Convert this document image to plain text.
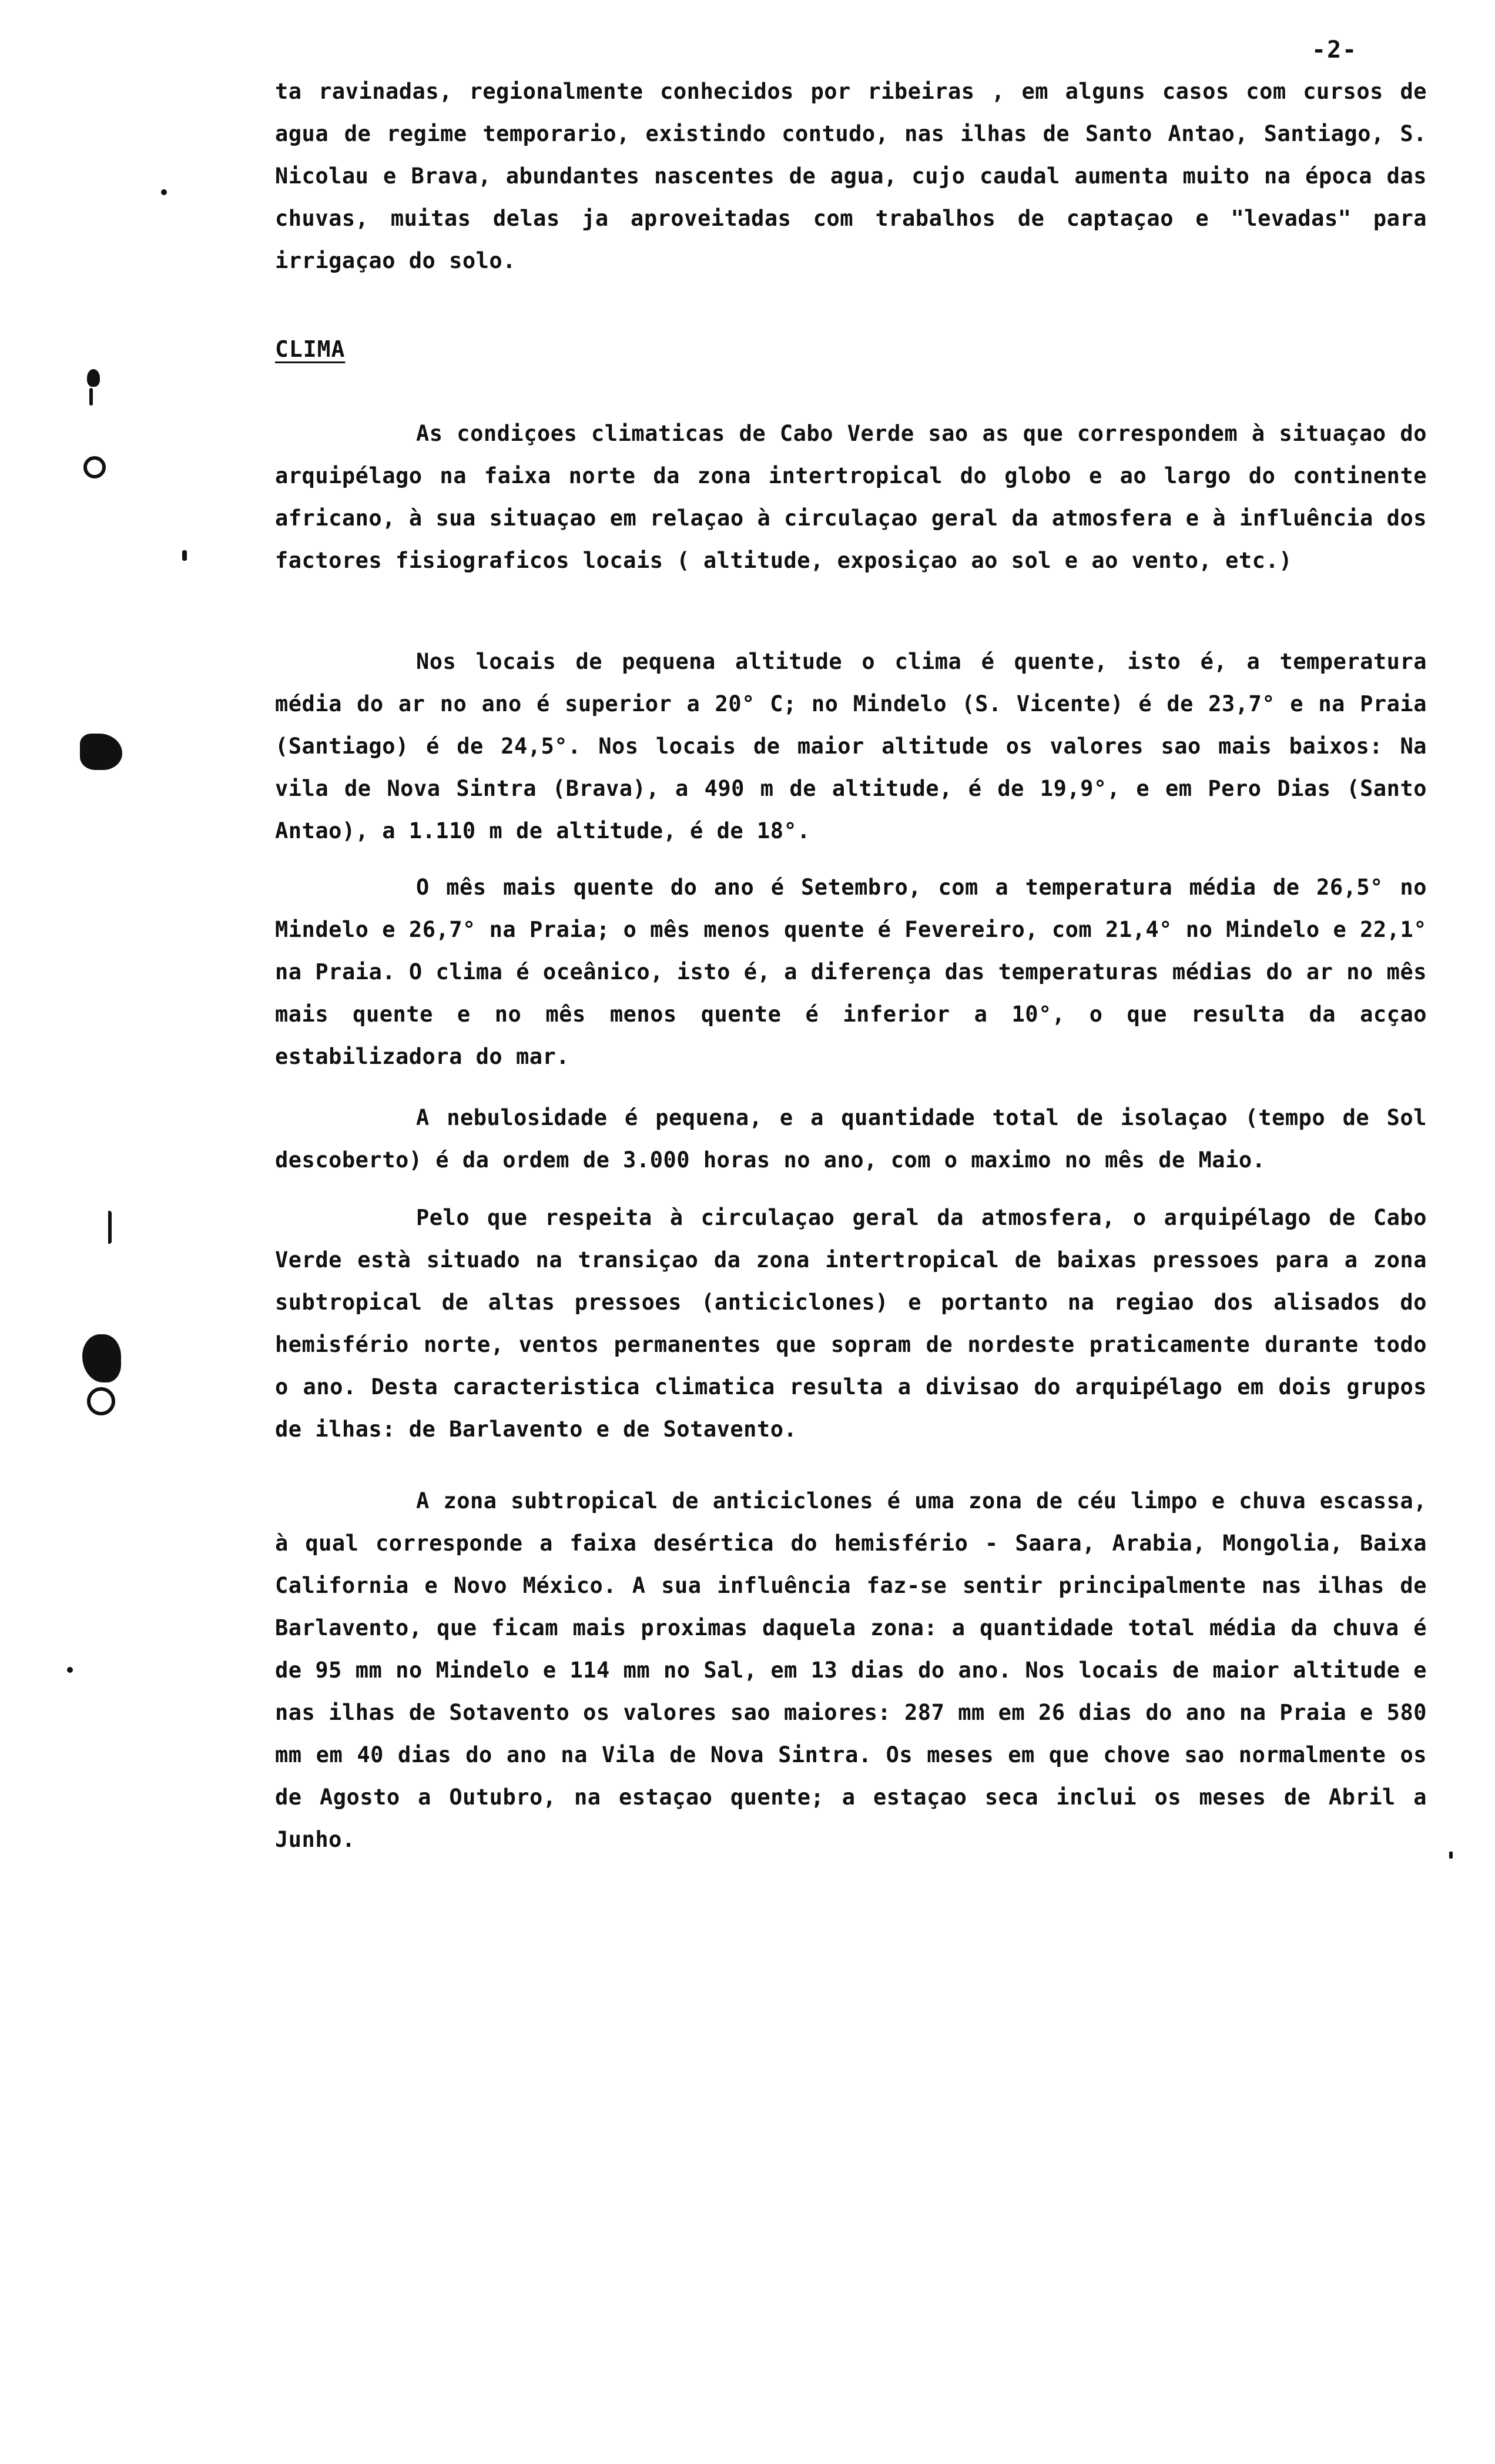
-2-

ta ravinadas, regionalmente conhecidos por ribeiras , em alguns casos com cursos de agua de regime temporario, existindo contudo, nas ilhas de Santo Antao, Santiago, S. Nicolau e Brava, abundantes nascentes de agua, cujo caudal aumenta muito na época das chuvas, muitas delas ja aproveitadas com trabalhos de captaçao e "levadas" para irrigaçao do solo.

CLIMA

As condiçoes climaticas de Cabo Verde sao as que correspondem à situaçao do arquipélago na faixa norte da zona intertropical do globo e ao largo do continente africano, à sua situaçao em relaçao à circulaçao geral da atmosfera e à influência dos factores fisiograficos locais ( altitude, exposiçao ao sol e ao vento, etc.)

Nos locais de pequena altitude o clima é quente, isto é, a temperatura média do ar no ano é superior a 20° C; no Mindelo (S. Vicente) é de 23,7° e na Praia (Santiago) é de 24,5°. Nos locais de maior altitude os valores sao mais baixos: Na vila de Nova Sintra (Brava), a 490 m de altitude, é de 19,9°, e em Pero Dias (Santo Antao), a 1.110 m de altitude, é de 18°.

O mês mais quente do ano é Setembro, com a temperatura média de 26,5° no Mindelo e 26,7° na Praia; o mês menos quente é Fevereiro, com 21,4° no Mindelo e 22,1° na Praia. O clima é oceânico, isto é, a diferença das temperaturas médias do ar no mês mais quente e no mês menos quente é inferior a 10°, o que resulta da acçao estabilizadora do mar.

A nebulosidade é pequena, e a quantidade total de isolaçao (tempo de Sol descoberto) é da ordem de 3.000 horas no ano, com o maximo no mês de Maio.

Pelo que respeita à circulaçao geral da atmosfera, o arquipélago de Cabo Verde està situado na transiçao da zona intertropical de baixas pressoes para a zona subtropical de altas pressoes (anticiclones) e portanto na regiao dos alisados do hemisfério norte, ventos permanentes que sopram de nordeste praticamente durante todo o ano. Desta caracteristica climatica resulta a divisao do arquipélago em dois grupos de ilhas: de Barlavento e de Sotavento.

A zona subtropical de anticiclones é uma zona de céu limpo e chuva escassa, à qual corresponde a faixa desértica do hemisfério - Saara, Arabia, Mongolia, Baixa California e Novo México. A sua influência faz-se sentir principalmente nas ilhas de Barlavento, que ficam mais proximas daquela zona: a quantidade total média da chuva é de 95 mm no Mindelo e 114 mm no Sal, em 13 dias do ano. Nos locais de maior altitude e nas ilhas de Sotavento os valores sao maiores: 287 mm em 26 dias do ano na Praia e 580 mm em 40 dias do ano na Vila de Nova Sintra. Os meses em que chove sao normalmente os de Agosto a Outubro, na estaçao quente; a estaçao seca inclui os meses de Abril a Junho.
